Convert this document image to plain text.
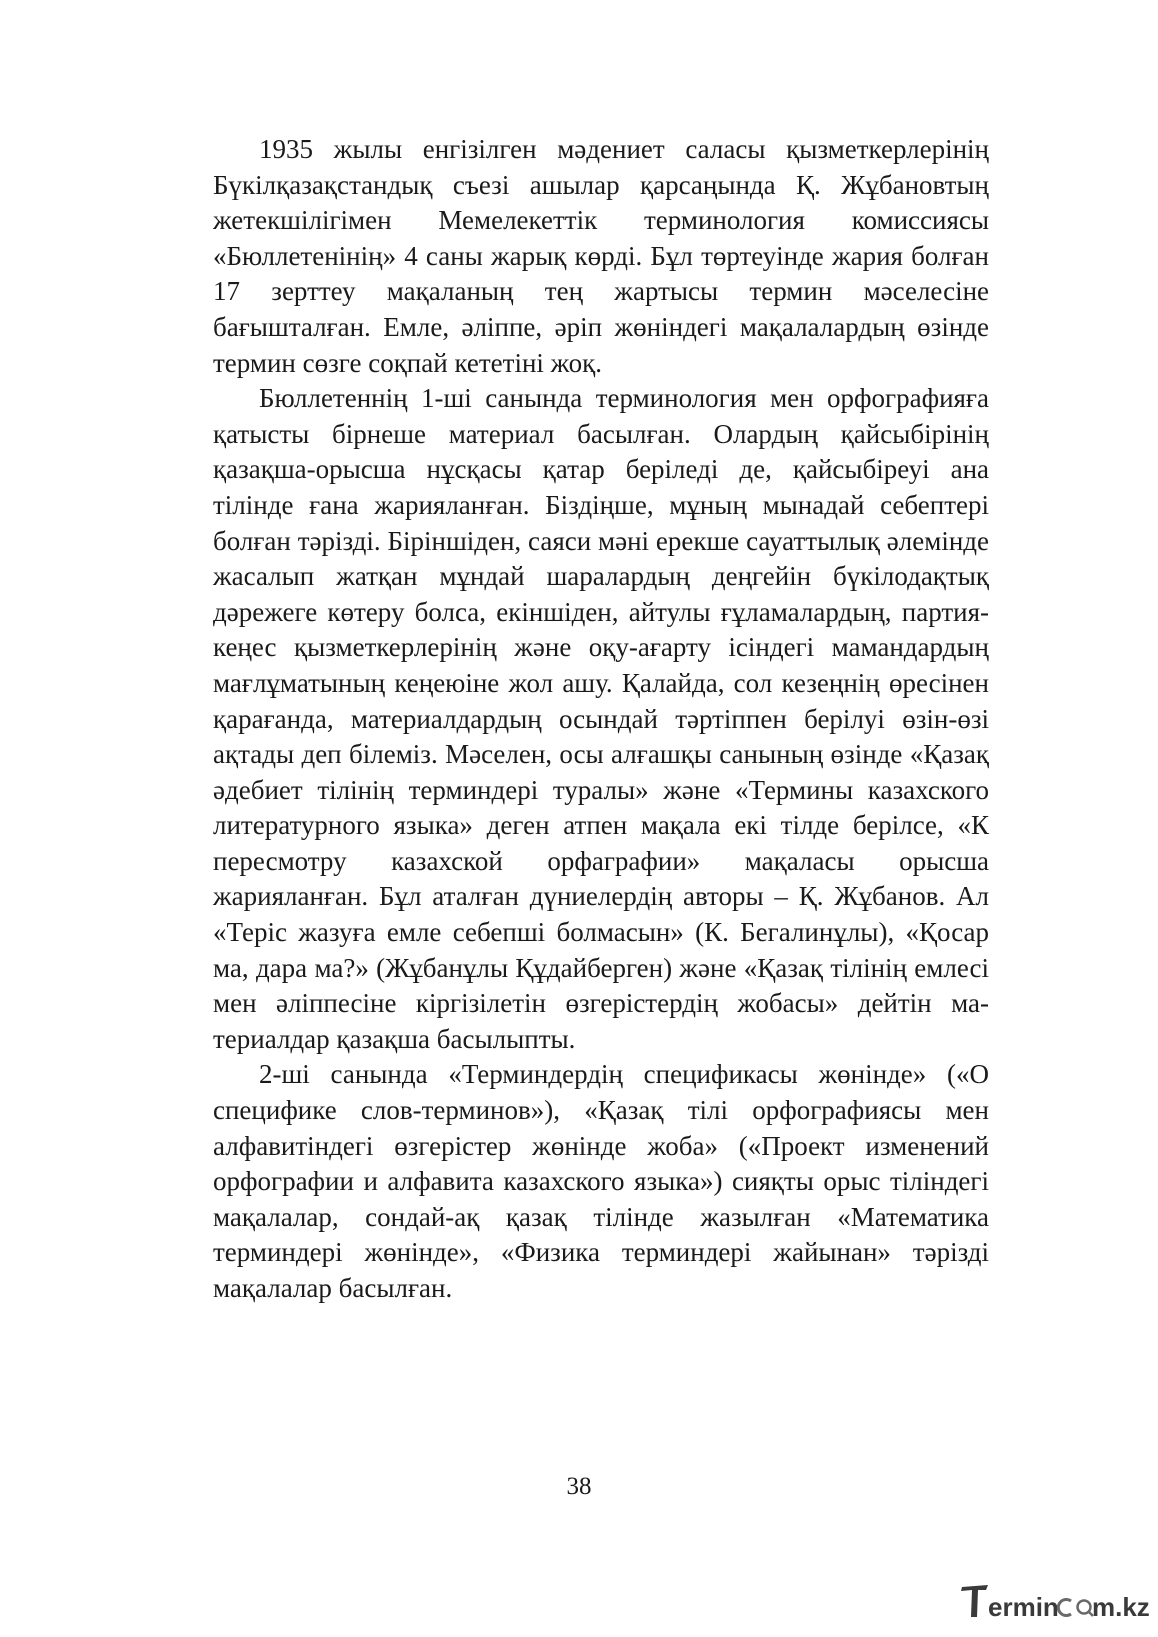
1935 жылы енгізілген мәдениет саласы қызметкерлерінің Бүкілқазақстандық съезі ашылар қарсаңында Қ. Жұбановтың жетекшілігімен Мемелекеттік терминология комиссиясы «Бюллетенінің» 4 саны жарық көрді. Бұл төртеуінде жария болған 17 зерттеу мақаланың тең жартысы термин мәселесіне бағышталған. Емле, әліппе, әріп жөніндегі мақалалардың өзінде термин сөзге соқпай кететіні жоқ.

Бюллетеннің 1-ші санында терминология мен орфографияға қатысты бірнеше материал басылған. Олардың қайсыбірінің қазақша-орысша нұсқасы қатар беріледі де, қайсыбіреуі ана тілінде ғана жарияланған. Біздіңше, мұның мынадай себептері болған тәрізді. Біріншіден, саяси мәні ерекше сауаттылық әлемінде жасалып жатқан мұндай шаралардың деңгейін бүкілодақтық дәрежеге көтеру болса, екіншіден, айтулы ғұламалардың, партия-кеңес қызметкерлерінің және оқу-ағарту ісіндегі мамандардың мағлұматының кеңеюіне жол ашу. Қалайда, сол кезеңнің өресінен қарағанда, материалдардың осындай тәртіппен берілуі өзін-өзі ақтады деп білеміз. Мәселен, осы алғашқы санының өзінде «Қазақ әдебиет тілінің терминдері туралы» және «Термины казахского литературного языка» деген атпен мақала екі тілде берілсе, «К пересмотру казахской орфаграфии» мақаласы орысша жарияланған. Бұл аталған дүниелердің авторы – Қ. Жұбанов. Ал «Теріс жазуға емле себепші болмасын» (К. Бегалинұлы), «Қосар ма, дара ма?» (Жұбанұлы Құдайберген) және «Қазақ тілінің емлесі мен әліппесіне кіргізілетін өзгерістердің жобасы» дейтін материалдар қазақша басылыпты.

2-ші санында «Терминдердің спецификасы жөнінде» («О специфике слов-терминов»), «Қазақ тілі орфографиясы мен алфавитіндегі өзгерістер жөнінде жоба» («Проект изменений орфографии и алфавита казахского языка») сияқты орыс тіліндегі мақалалар, сондай-ақ қазақ тілінде жазылған «Математика терминдері жөнінде», «Физика терминдері жайынан» тәрізді мақалалар басылған.

38
ermin m.kz
